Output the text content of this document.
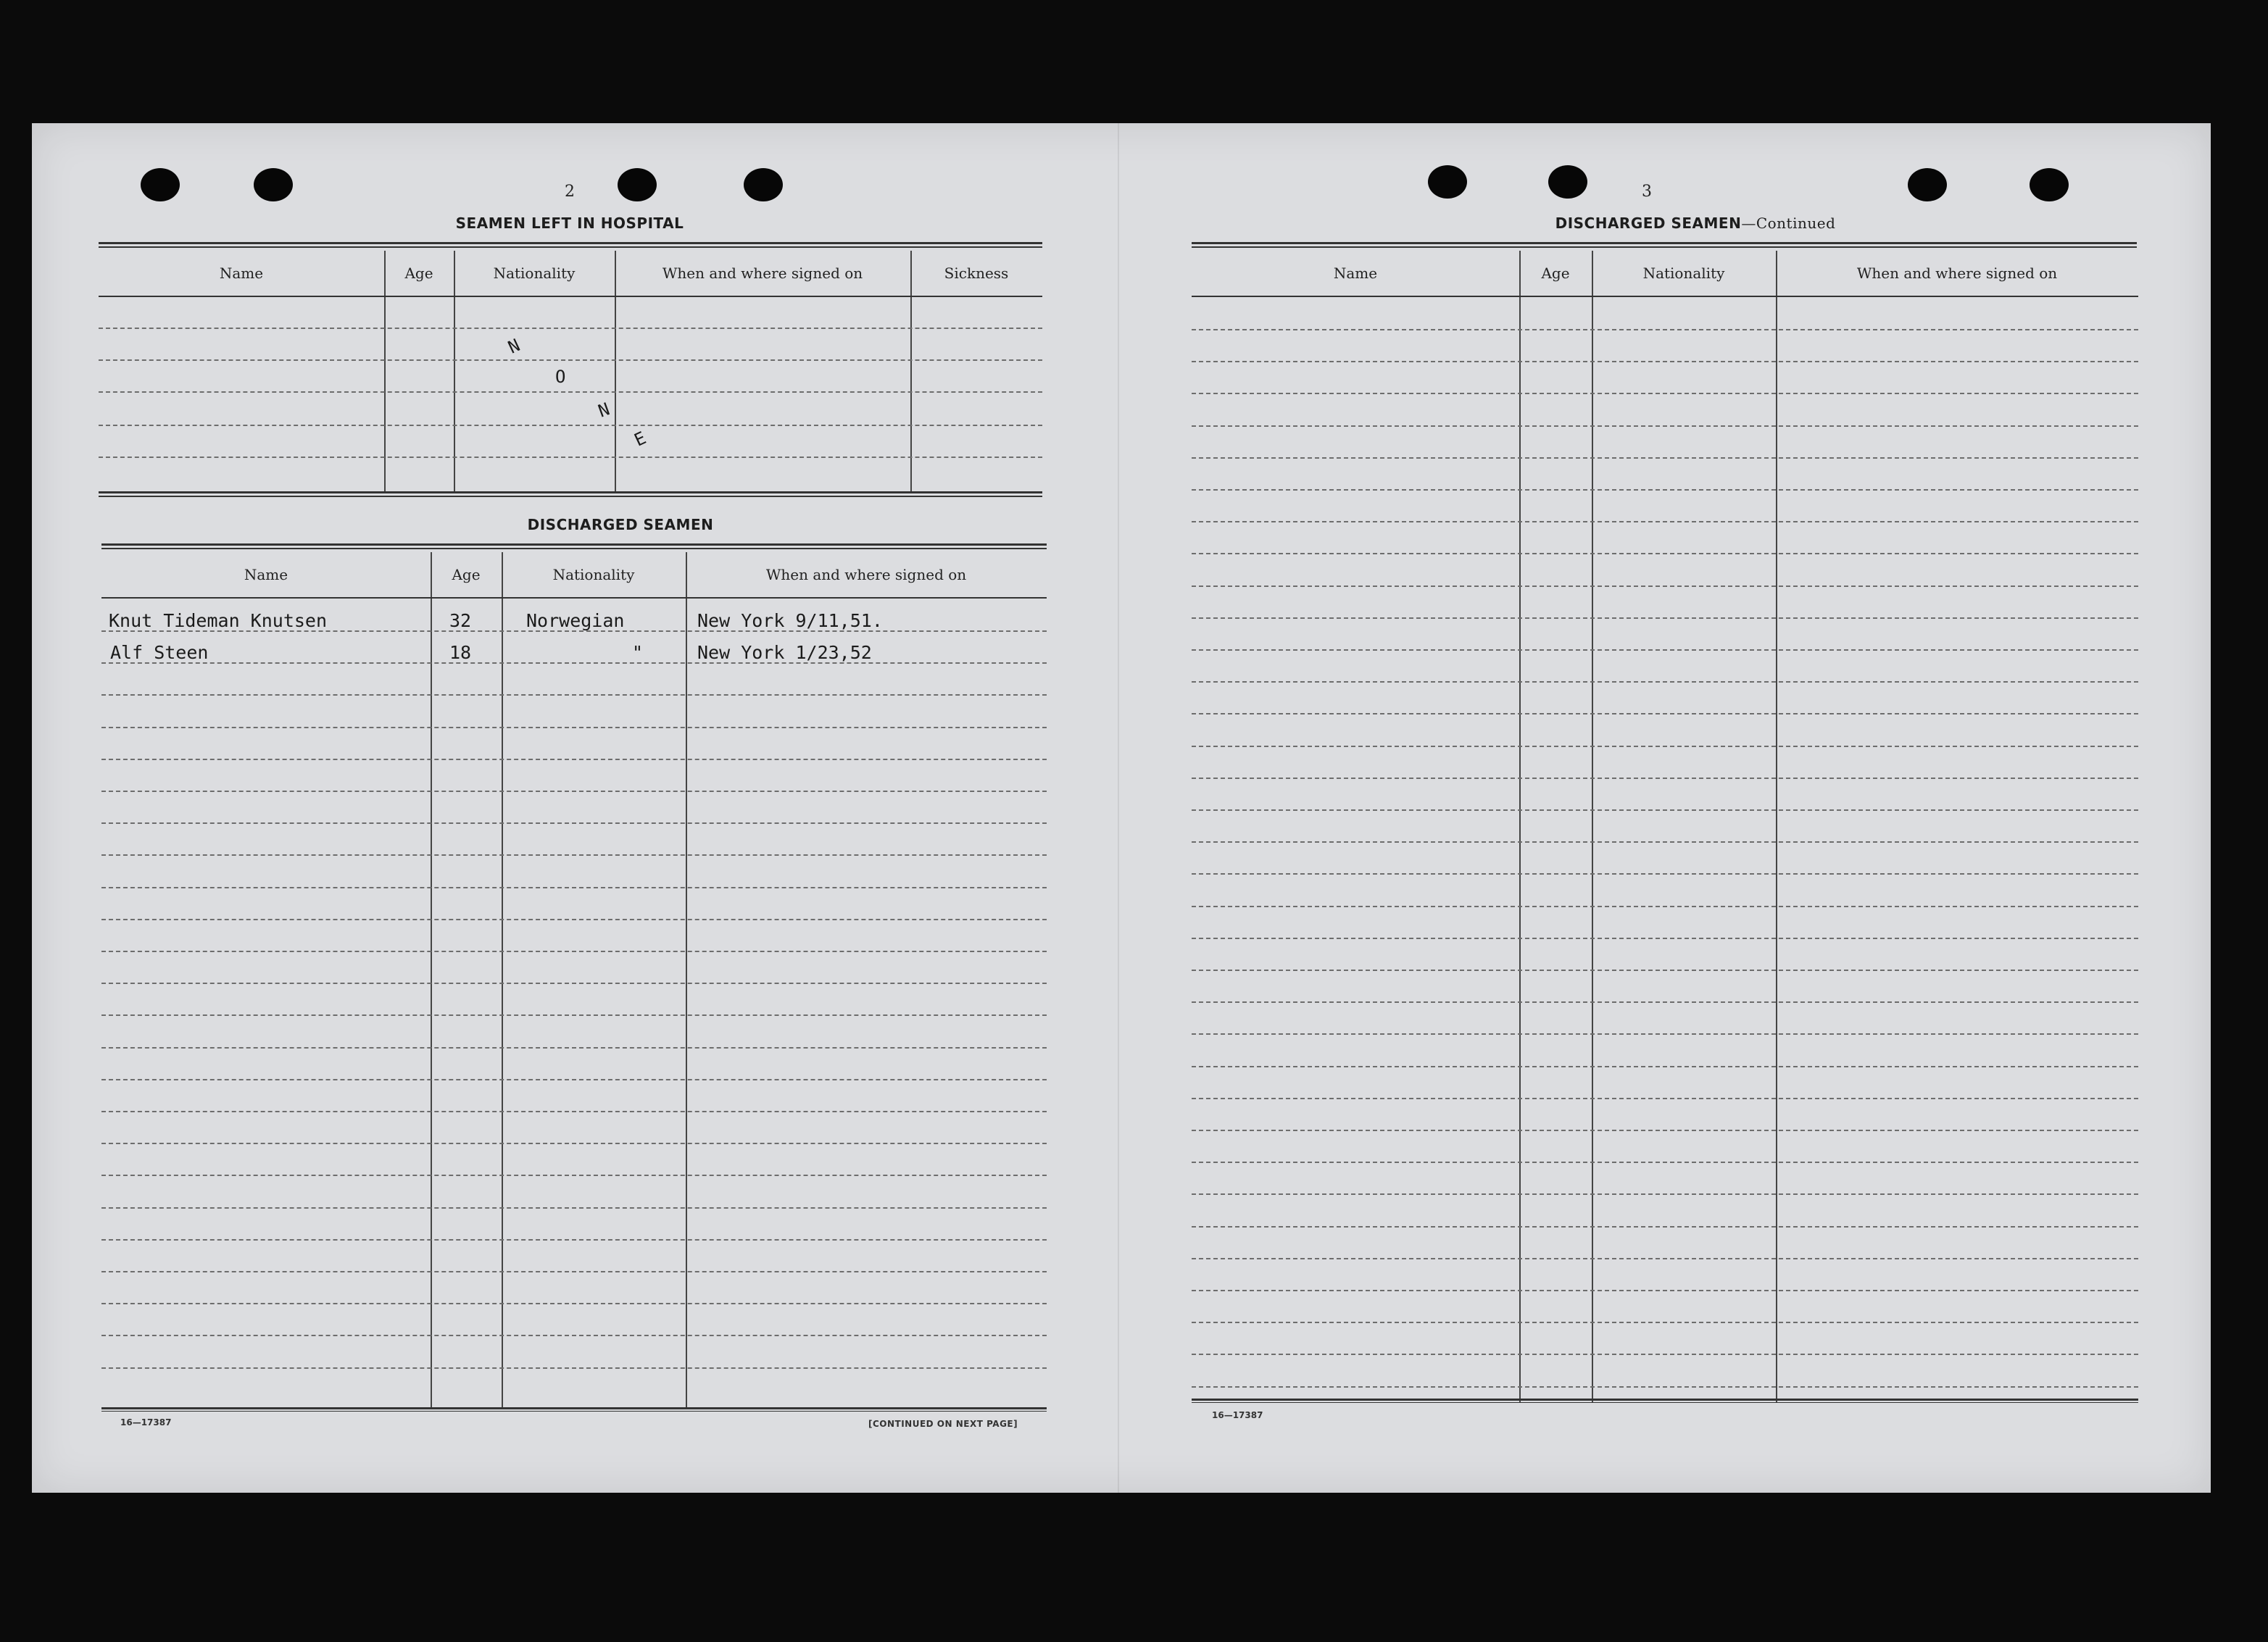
2
SEAMEN LEFT IN HOSPITAL
Name	Age	Nationality	When and where signed on	Sickness
N
O
N
E
DISCHARGED SEAMEN
Name	Age	Nationality	When and where signed on
Knut Tideman Knutsen	32	Norwegian	New York 9/11,51.
Alf Steen	18	"	New York 1/23,52
16—17387	[CONTINUED ON NEXT PAGE]
3
DISCHARGED SEAMEN—Continued
Name	Age	Nationality	When and where signed on
16—17387
